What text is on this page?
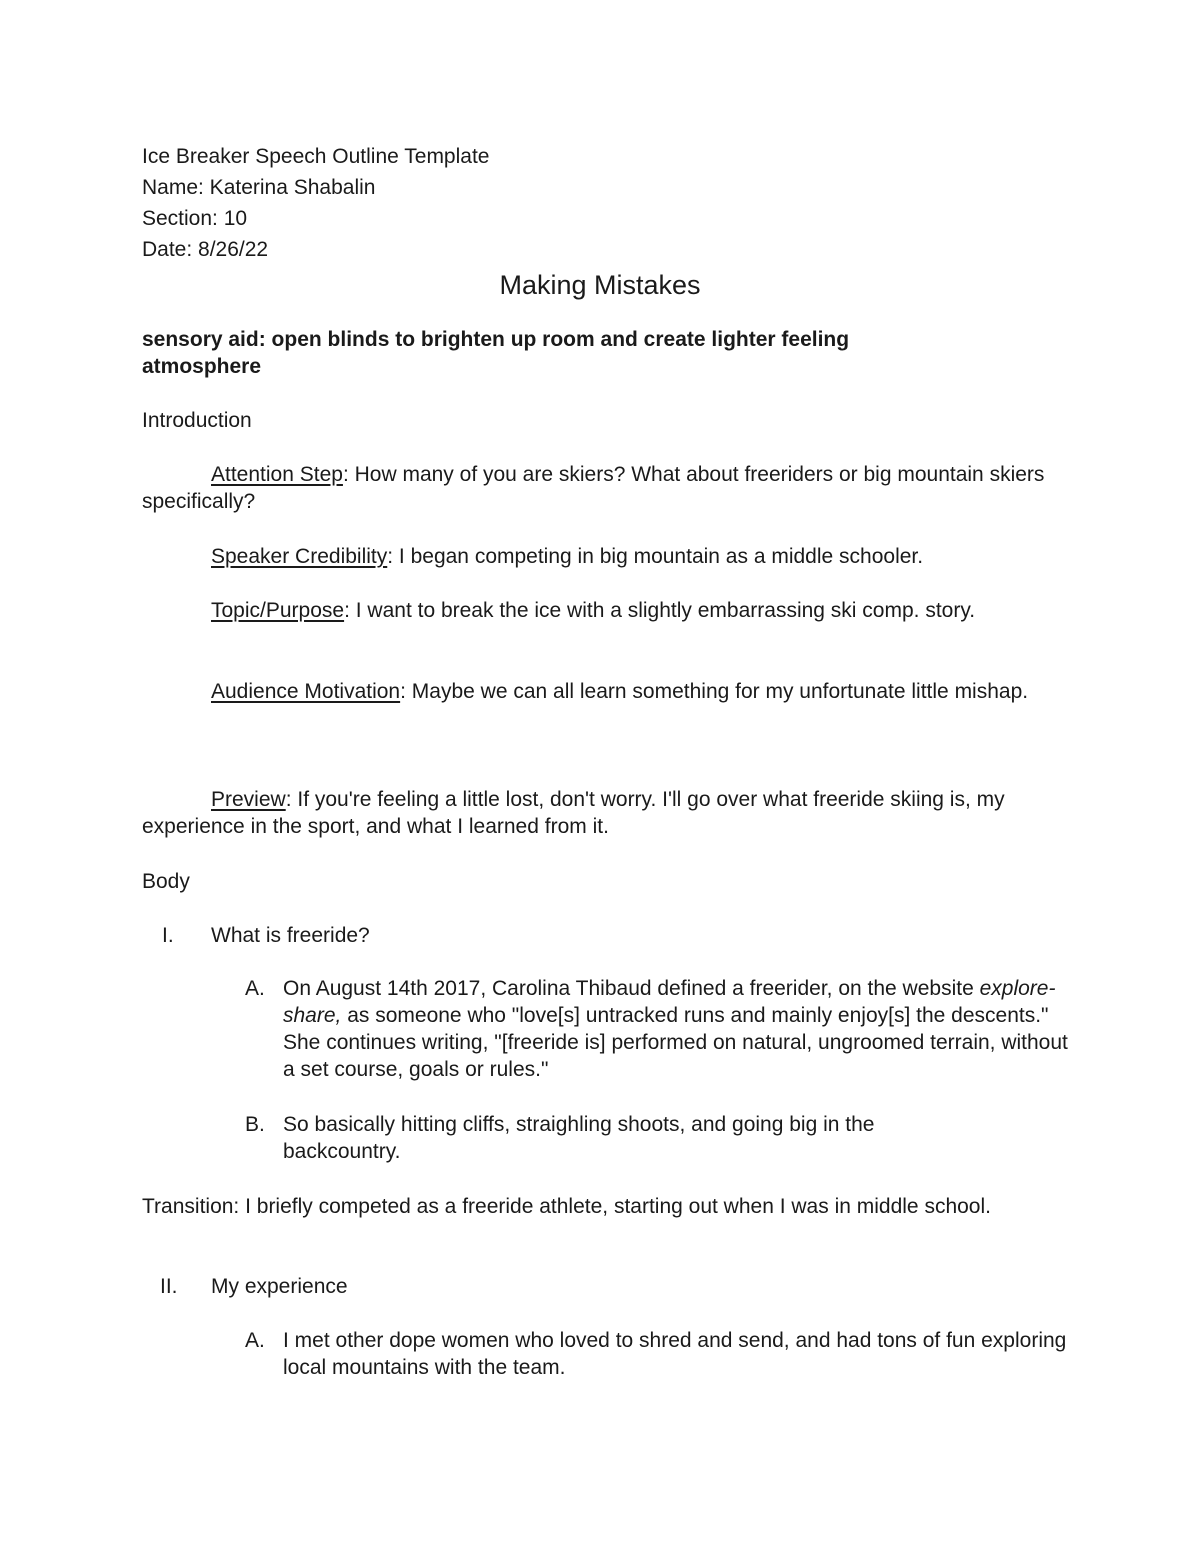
Ice Breaker Speech Outline Template
Name: Katerina Shabalin
Section: 10
Date: 8/26/22
Making Mistakes
sensory aid: open blinds to brighten up room and create lighter feeling
atmosphere
Introduction
Attention Step: How many of you are skiers? What about freeriders or big mountain skiers specifically?
Speaker Credibility: I began competing in big mountain as a middle schooler.
Topic/Purpose: I want to break the ice with a slightly embarrassing ski comp. story.
Audience Motivation: Maybe we can all learn something for my unfortunate little mishap.
Preview: If you're feeling a little lost, don't worry. I'll go over what freeride skiing is, my experience in the sport, and what I learned from it.
Body
I. What is freeride?
A. On August 14th 2017, Carolina Thibaud defined a freerider, on the website explore-share, as someone who "love[s] untracked runs and mainly enjoy[s] the descents." She continues writing, "[freeride is] performed on natural, ungroomed terrain, without a set course, goals or rules."
B. So basically hitting cliffs, straighling shoots, and going big in the backcountry.
Transition: I briefly competed as a freeride athlete, starting out when I was in middle school.
II. My experience
A. I met other dope women who loved to shred and send, and had tons of fun exploring local mountains with the team.
